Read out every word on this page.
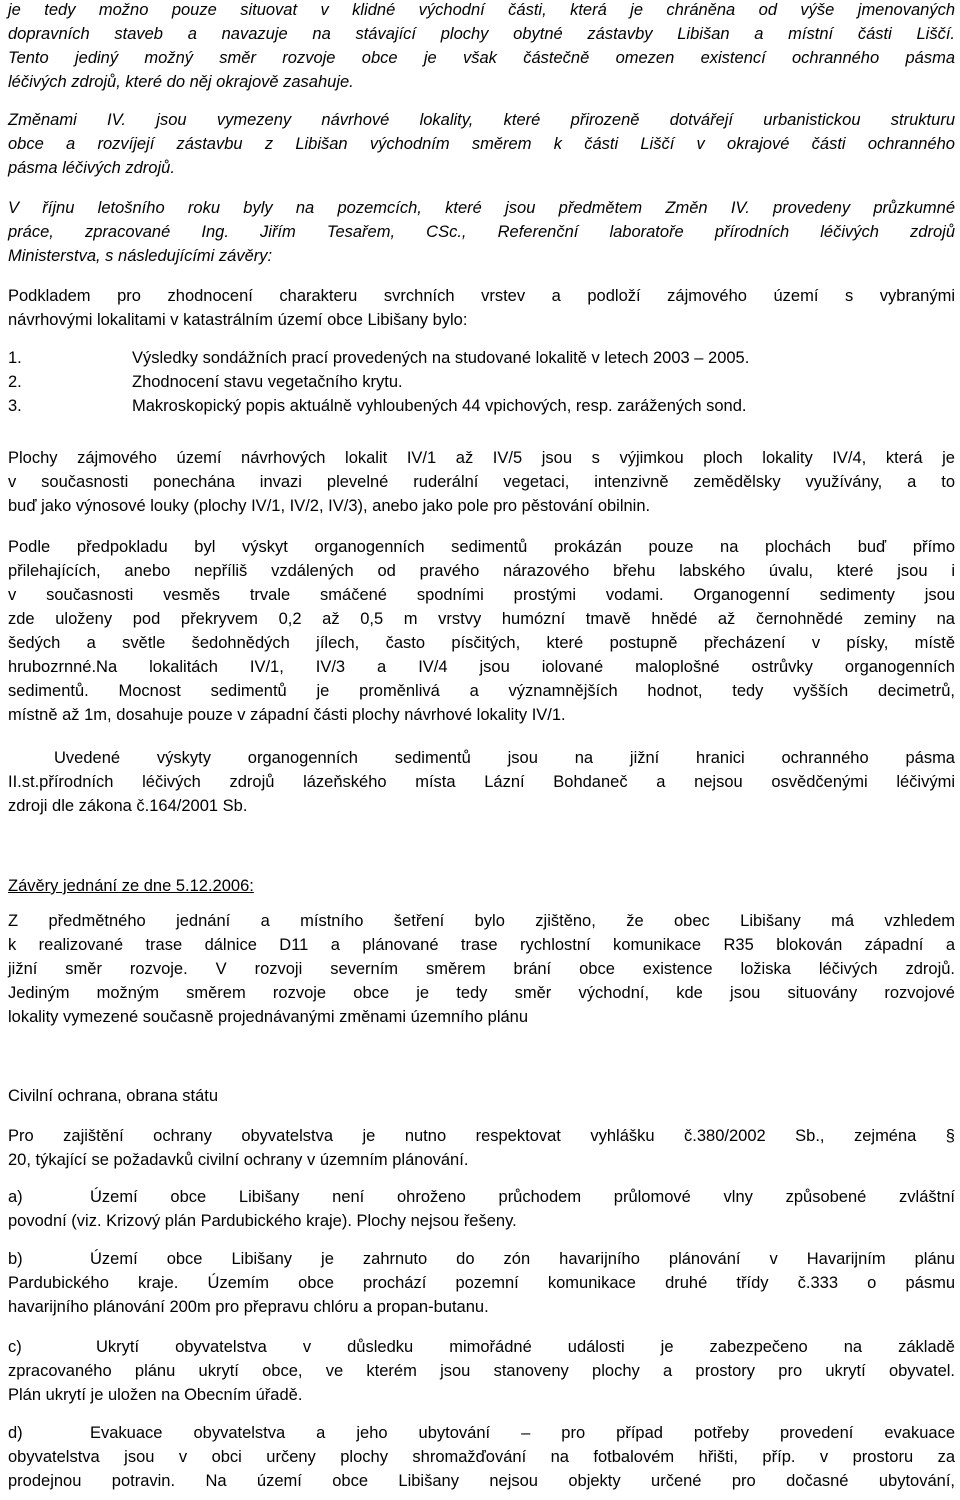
je tedy možno pouze situovat v klidné východní části, která je chráněna od výše jmenovaných
dopravních staveb a navazuje na stávající plochy obytné zástavby Libišan a místní části Liščí.
Tento jediný možný směr rozvoje obce je však částečně omezen existencí ochranného pásma
léčivých zdrojů, které do něj okrajově zasahuje.
Změnami IV. jsou vymezeny návrhové lokality, které přirozeně dotvářejí urbanistickou strukturu
obce a rozvíjejí zástavbu z Libišan východním směrem k části Liščí v okrajové části ochranného
pásma léčivých zdrojů.
V říjnu letošního roku byly na pozemcích, které jsou předmětem Změn IV. provedeny průzkumné
práce, zpracované Ing. Jiřím Tesařem, CSc., Referenční laboratoře přírodních léčivých zdrojů
Ministerstva, s následujícími závěry:
Podkladem pro zhodnocení charakteru svrchních vrstev a podloží zájmového území s vybranými
návrhovými lokalitami v katastrálním území obce Libišany bylo:
1.	Výsledky sondážních prací provedených na studované lokalitě v letech 2003 – 2005.
2.	Zhodnocení stavu vegetačního krytu.
3.	Makroskopický popis aktuálně vyhloubených 44 vpichových, resp. zarážených sond.
Plochy zájmového území návrhových lokalit IV/1 až IV/5 jsou s výjimkou ploch lokality IV/4, která je
v současnosti ponechána invazi plevelné ruderální vegetaci, intenzivně zemědělsky využívány, a to
buď jako výnosové louky (plochy IV/1, IV/2, IV/3), anebo jako pole pro pěstování obilnin.
Podle předpokladu byl výskyt organogenních sedimentů prokázán pouze na plochách buď přímo
přilehajících, anebo nepříliš vzdálených od pravého nárazového břehu labského úvalu, které jsou i
v současnosti vesměs trvale smáčené spodními prostými vodami. Organogenní sedimenty jsou
zde uloženy pod překryvem 0,2 až 0,5 m vrstvy humózní tmavě hnědé až černohnědé zeminy na
šedých a světle šedohnědých jílech, často písčitých, které postupně přecházení v písky, místě
hrubozrnné.Na lokalitách IV/1, IV/3 a IV/4 jsou iolované maloplošné ostrůvky organogenních
sedimentů. Mocnost sedimentů je proměnlivá a významnějších hodnot, tedy vyšších decimetrů,
místně až 1m, dosahuje pouze v západní části plochy návrhové lokality IV/1.
Uvedené výskyty organogenních sedimentů jsou na jižní hranici ochranného pásma
II.st.přírodních léčivých zdrojů lázeňského místa Lázní Bohdaneč a nejsou osvědčenými léčivými
zdroji dle zákona č.164/2001 Sb.
Závěry jednání ze dne 5.12.2006:
Z předmětného jednání a místního šetření bylo zjištěno, že obec Libišany má vzhledem
k realizované trase dálnice D11 a plánované trase rychlostní komunikace R35 blokován západní a
jižní směr rozvoje. V rozvoji severním směrem brání obce existence ložiska léčivých zdrojů.
Jediným možným směrem rozvoje obce je tedy směr východní, kde jsou situovány rozvojové
lokality vymezené současně projednávanými změnami územního plánu
Civilní ochrana, obrana státu
Pro zajištění ochrany obyvatelstva je nutno respektovat vyhlášku č.380/2002 Sb., zejména §
20, týkající se požadavků civilní ochrany v územním plánování.
a)	Území obce Libišany není ohroženo průchodem průlomové vlny způsobené zvláštní
povodní (viz. Krizový plán Pardubického kraje). Plochy nejsou řešeny.
b)	Území obce Libišany je zahrnuto do zón havarijního plánování v Havarijním plánu
Pardubického kraje. Územím obce prochází pozemní komunikace druhé třídy č.333 o pásmu
havarijního plánování 200m pro přepravu chlóru a propan-butanu.
c)	Ukrytí obyvatelstva v důsledku mimořádné události je zabezpečeno na základě
zpracovaného plánu ukrytí obce, ve kterém jsou stanoveny plochy a prostory pro ukrytí obyvatel.
Plán ukrytí je uložen na Obecním úřadě.
d)	Evakuace obyvatelstva a jeho ubytování – pro případ potřeby provedení evakuace
obyvatelstva jsou v obci určeny plochy shromažďování na fotbalovém hřišti, příp. v prostoru za
prodejnou potravin. Na území obce Libišany nejsou objekty určené pro dočasné ubytování,
